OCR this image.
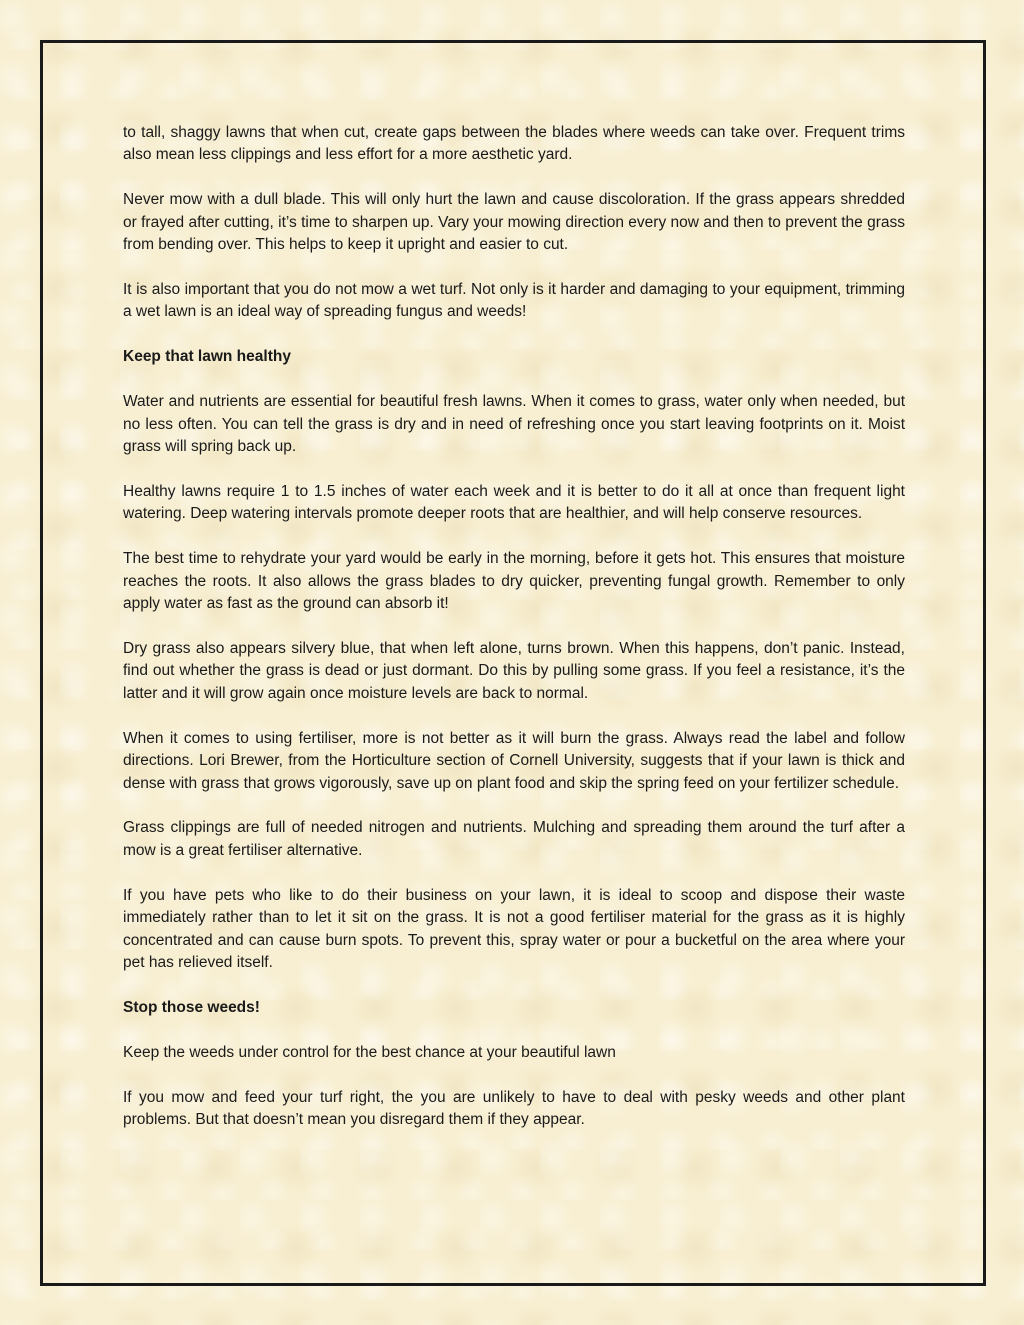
to tall, shaggy lawns that when cut, create gaps between the blades where weeds can take over. Frequent trims also mean less clippings and less effort for a more aesthetic yard.

Never mow with a dull blade. This will only hurt the lawn and cause discoloration. If the grass appears shredded or frayed after cutting, it’s time to sharpen up. Vary your mowing direction every now and then to prevent the grass from bending over. This helps to keep it upright and easier to cut.

It is also important that you do not mow a wet turf. Not only is it harder and damaging to your equipment, trimming a wet lawn is an ideal way of spreading fungus and weeds!

Keep that lawn healthy

Water and nutrients are essential for beautiful fresh lawns. When it comes to grass, water only when needed, but no less often. You can tell the grass is dry and in need of refreshing once you start leaving footprints on it. Moist grass will spring back up.

Healthy lawns require 1 to 1.5 inches of water each week and it is better to do it all at once than frequent light watering. Deep watering intervals promote deeper roots that are healthier, and will help conserve resources.

The best time to rehydrate your yard would be early in the morning, before it gets hot. This ensures that moisture reaches the roots. It also allows the grass blades to dry quicker, preventing fungal growth. Remember to only apply water as fast as the ground can absorb it!

Dry grass also appears silvery blue, that when left alone, turns brown. When this happens, don’t panic. Instead, find out whether the grass is dead or just dormant. Do this by pulling some grass. If you feel a resistance, it’s the latter and it will grow again once moisture levels are back to normal.

When it comes to using fertiliser, more is not better as it will burn the grass. Always read the label and follow directions. Lori Brewer, from the Horticulture section of Cornell University, suggests that if your lawn is thick and dense with grass that grows vigorously, save up on plant food and skip the spring feed on your fertilizer schedule.

Grass clippings are full of needed nitrogen and nutrients. Mulching and spreading them around the turf after a mow is a great fertiliser alternative.

If you have pets who like to do their business on your lawn, it is ideal to scoop and dispose their waste immediately rather than to let it sit on the grass. It is not a good fertiliser material for the grass as it is highly concentrated and can cause burn spots. To prevent this, spray water or pour a bucketful on the area where your pet has relieved itself.

Stop those weeds!

Keep the weeds under control for the best chance at your beautiful lawn

If you mow and feed your turf right, the you are unlikely to have to deal with pesky weeds and other plant problems. But that doesn’t mean you disregard them if they appear.
